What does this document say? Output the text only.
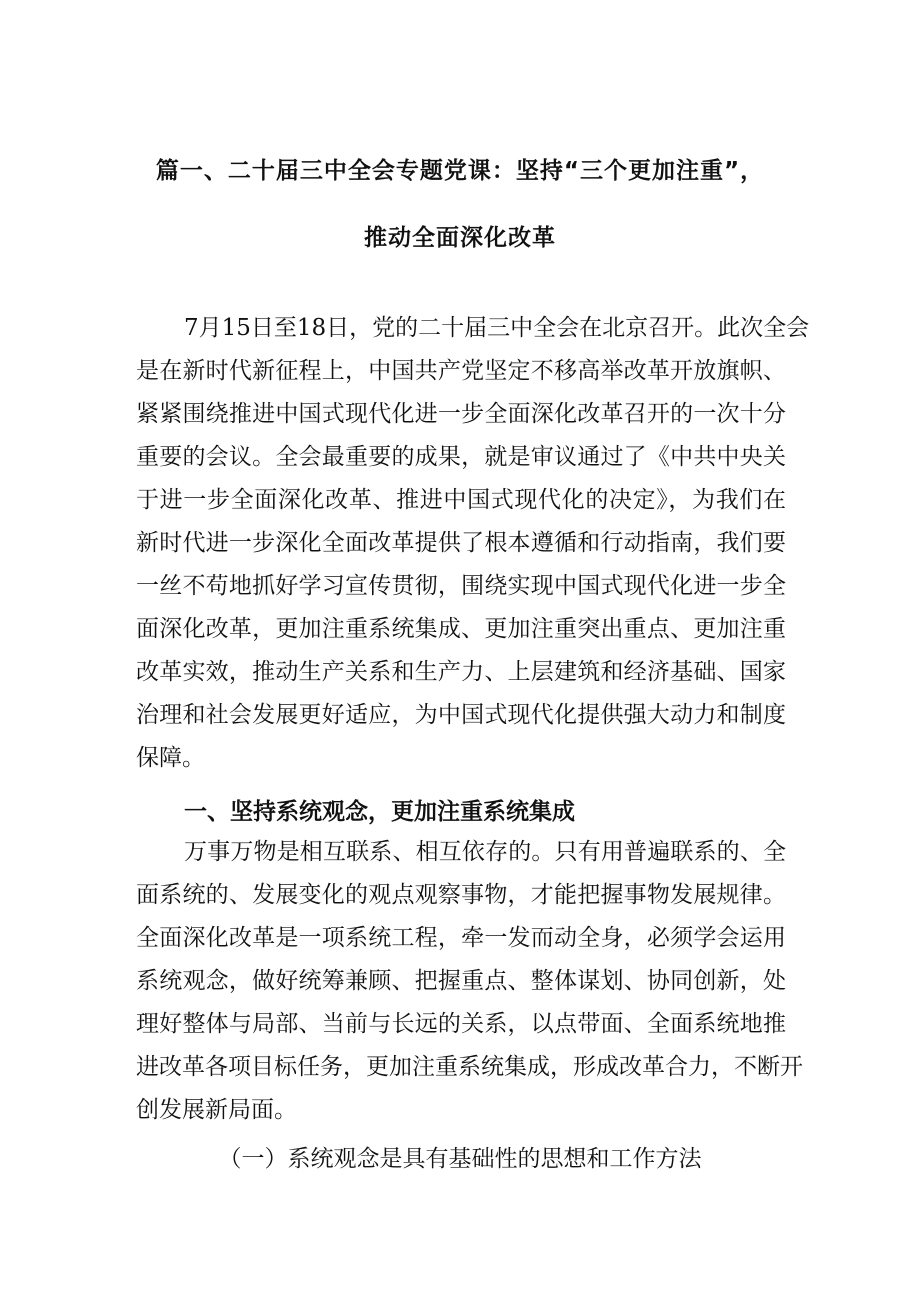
篇一、二十届三中全会专题党课：坚持“三个更加注重”，
推动全面深化改革
7月15日至18日，党的二十届三中全会在北京召开。此次全会
是在新时代新征程上，中国共产党坚定不移高举改革开放旗帜、
紧紧围绕推进中国式现代化进一步全面深化改革召开的一次十分
重要的会议。全会最重要的成果，就是审议通过了《中共中央关
于进一步全面深化改革、推进中国式现代化的决定》，为我们在
新时代进一步深化全面改革提供了根本遵循和行动指南，我们要
一丝不苟地抓好学习宣传贯彻，围绕实现中国式现代化进一步全
面深化改革，更加注重系统集成、更加注重突出重点、更加注重
改革实效，推动生产关系和生产力、上层建筑和经济基础、国家
治理和社会发展更好适应，为中国式现代化提供强大动力和制度
保障。
一、坚持系统观念，更加注重系统集成
万事万物是相互联系、相互依存的。只有用普遍联系的、全
面系统的、发展变化的观点观察事物，才能把握事物发展规律。
全面深化改革是一项系统工程，牵一发而动全身，必须学会运用
系统观念，做好统筹兼顾、把握重点、整体谋划、协同创新，处
理好整体与局部、当前与长远的关系，以点带面、全面系统地推
进改革各项目标任务，更加注重系统集成，形成改革合力，不断开
创发展新局面。
（一）系统观念是具有基础性的思想和工作方法
